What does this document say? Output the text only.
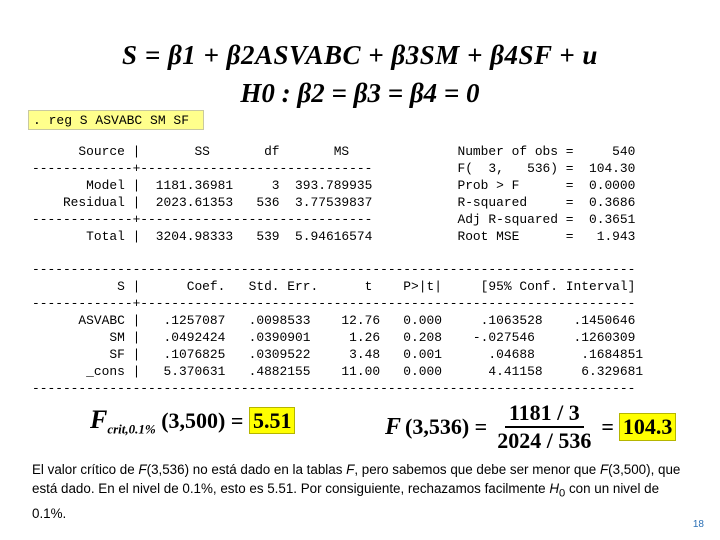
S = β1 + β2ASVABC + β3SM + β4SF + u
H0 : β2 = β3 = β4 = 0
. reg S ASVABC SM SF
Source |       SS       df       MS              Number of obs =     540
-------------+------------------------------           F(  3,   536) =  104.30
Model |  1181.36981     3  393.789935           Prob > F      =  0.0000
Residual |  2023.61353   536  3.77539837           R-squared     =  0.3686
-------------+------------------------------           Adj R-squared =  0.3651
Total |  3204.98333   539  5.94616574           Root MSE      =   1.943

------------------------------------------------------------------------------
S |      Coef.   Std. Err.      t    P>|t|     [95% Conf. Interval]
-------------+----------------------------------------------------------------
ASVABC |   .1257087   .0098533    12.76   0.000     .1063528    .1450646
SM |   .0492424   .0390901     1.26   0.208    -.027546     .1260309
SF |   .1076825   .0309522     3.48   0.001      .04688      .1684851
_cons |   5.370631   .4882155    11.00   0.000      4.41158     6.329681
------------------------------------------------------------------------------
$F_{crit,0.1\%}$ (3,500) = 5.51	F $(3,536) = \frac{1181 / 3}{2024 / 536} = 104.3$
El valor crítico de F(3,536) no está dado en la tablas F, pero sabemos que debe ser menor que F(3,500), que está dado. En el nivel de 0.1%, esto es 5.51. Por consiguiente, rechazamos facilmente $H_0$ con un nivel de 0.1%.
18
